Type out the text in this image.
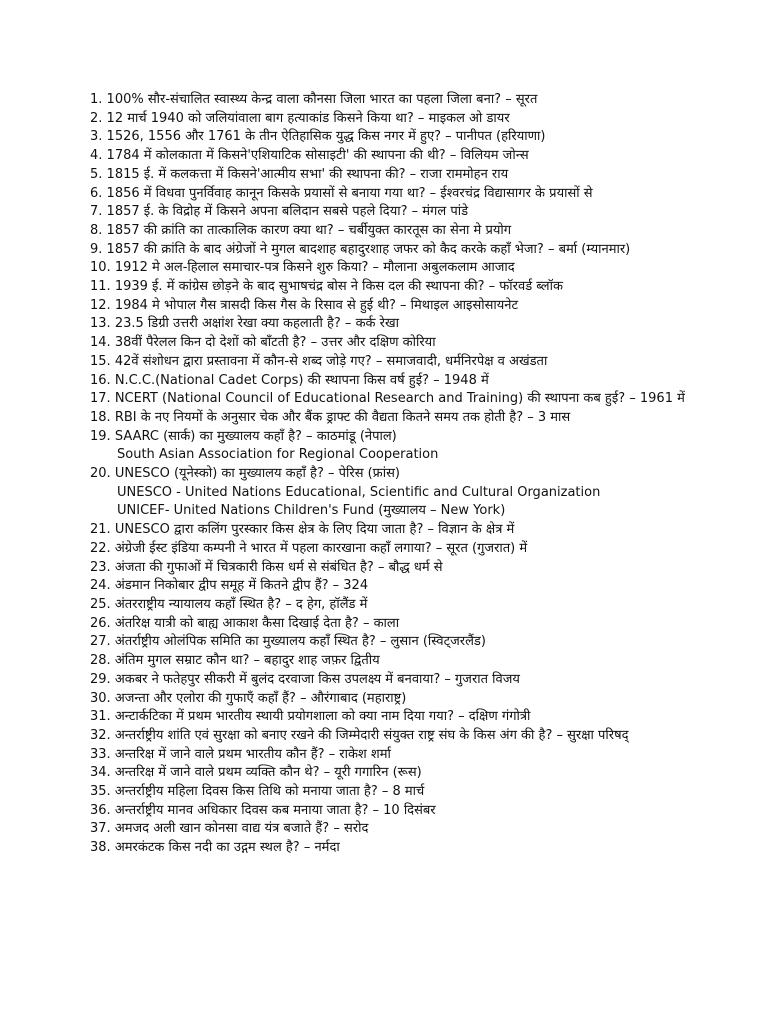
1. 100% सौर-संचालित स्वास्थ्य केन्द्र वाला कौनसा जिला भारत का पहला जिला बना? – सूरत
2. 12 मार्च 1940 को जलियांवाला बाग हत्याकांड किसने किया था? – माइकल ओ डायर
3. 1526, 1556 और 1761 के तीन ऐतिहासिक युद्ध किस नगर में हुए? – पानीपत (हरियाणा)
4. 1784 में कोलकाता में किसने'एशियाटिक सोसाइटी' की स्थापना की थी? – विलियम जोन्स
5. 1815 ई. में कलकत्ता में किसने'आत्मीय सभा' की स्थापना की? – राजा राममोहन राय
6. 1856 में विधवा पुनर्विवाह कानून किसके प्रयासों से बनाया गया था? – ईश्वरचंद्र विद्यासागर के प्रयासों से
7. 1857 ई. के विद्रोह में किसने अपना बलिदान सबसे पहले दिया? – मंगल पांडे
8. 1857 की क्रांति का तात्कालिक कारण क्या था? – चर्बीयुक्त कारतूस का सेना मे प्रयोग
9. 1857 की क्रांति के बाद अंग्रेजों ने मुगल बादशाह बहादुरशाह जफर को कैद करके कहाँ भेजा? – बर्मा (म्यानमार)
10. 1912 मे अल-हिलाल समाचार-पत्र किसने शुरु किया? – मौलाना अबुलकलाम आजाद
11. 1939 ई. में कांग्रेस छोड़ने के बाद सुभाषचंद्र बोस ने किस दल की स्थापना की? – फॉरवर्ड ब्लॉक
12. 1984 मे भोपाल गैस त्रासदी किस गैस के रिसाव से हुई थी? – मिथाइल आइसोसायनेट
13. 23.5 डिग्री उत्तरी अक्षांश रेखा क्या कहलाती है? – कर्क रेखा
14. 38वीं पैरेलल किन दो देशों को बाँटती है? – उत्तर और दक्षिण कोरिया
15. 42वें संशोधन द्वारा प्रस्तावना में कौन-से शब्द जोड़े गए? – समाजवादी, धर्मनिरपेक्ष व अखंडता
16. N.C.C.(National Cadet Corps) की स्थापना किस वर्ष हुई? – 1948 में
17. NCERT (National Council of Educational Research and Training) की स्थापना कब हुई? – 1961 में
18. RBI के नए नियमों के अनुसार चेक और बैंक ड्राफ्ट की वैद्यता कितने समय तक होती है? – 3 मास
19. SAARC (सार्क) का मुख्यालय कहाँ है? – काठमांडू (नेपाल)
South Asian Association for Regional Cooperation
20. UNESCO (यूनेस्को) का मुख्यालय कहाँ है? – पेरिस (फ्रांस)
UNESCO - United Nations Educational, Scientific and Cultural Organization
UNICEF- United Nations Children's Fund (मुख्यालय – New York)
21. UNESCO द्वारा कलिंग पुरस्कार किस क्षेत्र के लिए दिया जाता है? – विज्ञान के क्षेत्र में
22. अंग्रेजी ईस्ट इंडिया कम्पनी ने भारत में पहला कारखाना कहाँ लगाया? – सूरत (गुजरात) में
23. अंजता की गुफाओं में चित्रकारी किस धर्म से संबंधित है? – बौद्ध धर्म से
24. अंडमान निकोबार द्वीप समूह में कितने द्वीप हैं? – 324
25. अंतरराष्ट्रीय न्यायालय कहाँ स्थित है? – द हेग, हॉलैंड में
26. अंतरिक्ष यात्री को बाह्य आकाश कैसा दिखाई देता है? – काला
27. अंतर्राष्ट्रीय ओलंपिक समिति का मुख्यालय कहाँ स्थित है? – लुसान (स्विट्जरलैंड)
28. अंतिम मुगल सम्राट कौन था? – बहादुर शाह जफ़र द्वितीय
29. अकबर ने फतेहपुर सीकरी में बुलंद दरवाजा किस उपलक्ष्य में बनवाया? – गुजरात विजय
30. अजन्ता और एलोरा की गुफाएँ कहाँ हैं? – औरंगाबाद (महाराष्ट्र)
31. अन्टार्कटिका में प्रथम भारतीय स्थायी प्रयोगशाला को क्या नाम दिया गया? – दक्षिण गंगोत्री
32. अन्तर्राष्ट्रीय शांति एवं सुरक्षा को बनाए रखने की जिम्मेदारी संयुक्त राष्ट्र संघ के किस अंग की है? – सुरक्षा परिषद्
33. अन्तरिक्ष में जाने वाले प्रथम भारतीय कौन हैं? – राकेश शर्मा
34. अन्तरिक्ष में जाने वाले प्रथम व्यक्ति कौन थे? – यूरी गगारिन (रूस)
35. अन्तर्राष्ट्रीय महिला दिवस किस तिथि को मनाया जाता है? – 8 मार्च
36. अन्तर्राष्ट्रीय मानव अधिकार दिवस कब मनाया जाता है? – 10 दिसंबर
37. अमजद अली खान कोनसा वाद्य यंत्र बजाते हैं? – सरोद
38. अमरकंटक किस नदी का उद्गम स्थल है? – नर्मदा
